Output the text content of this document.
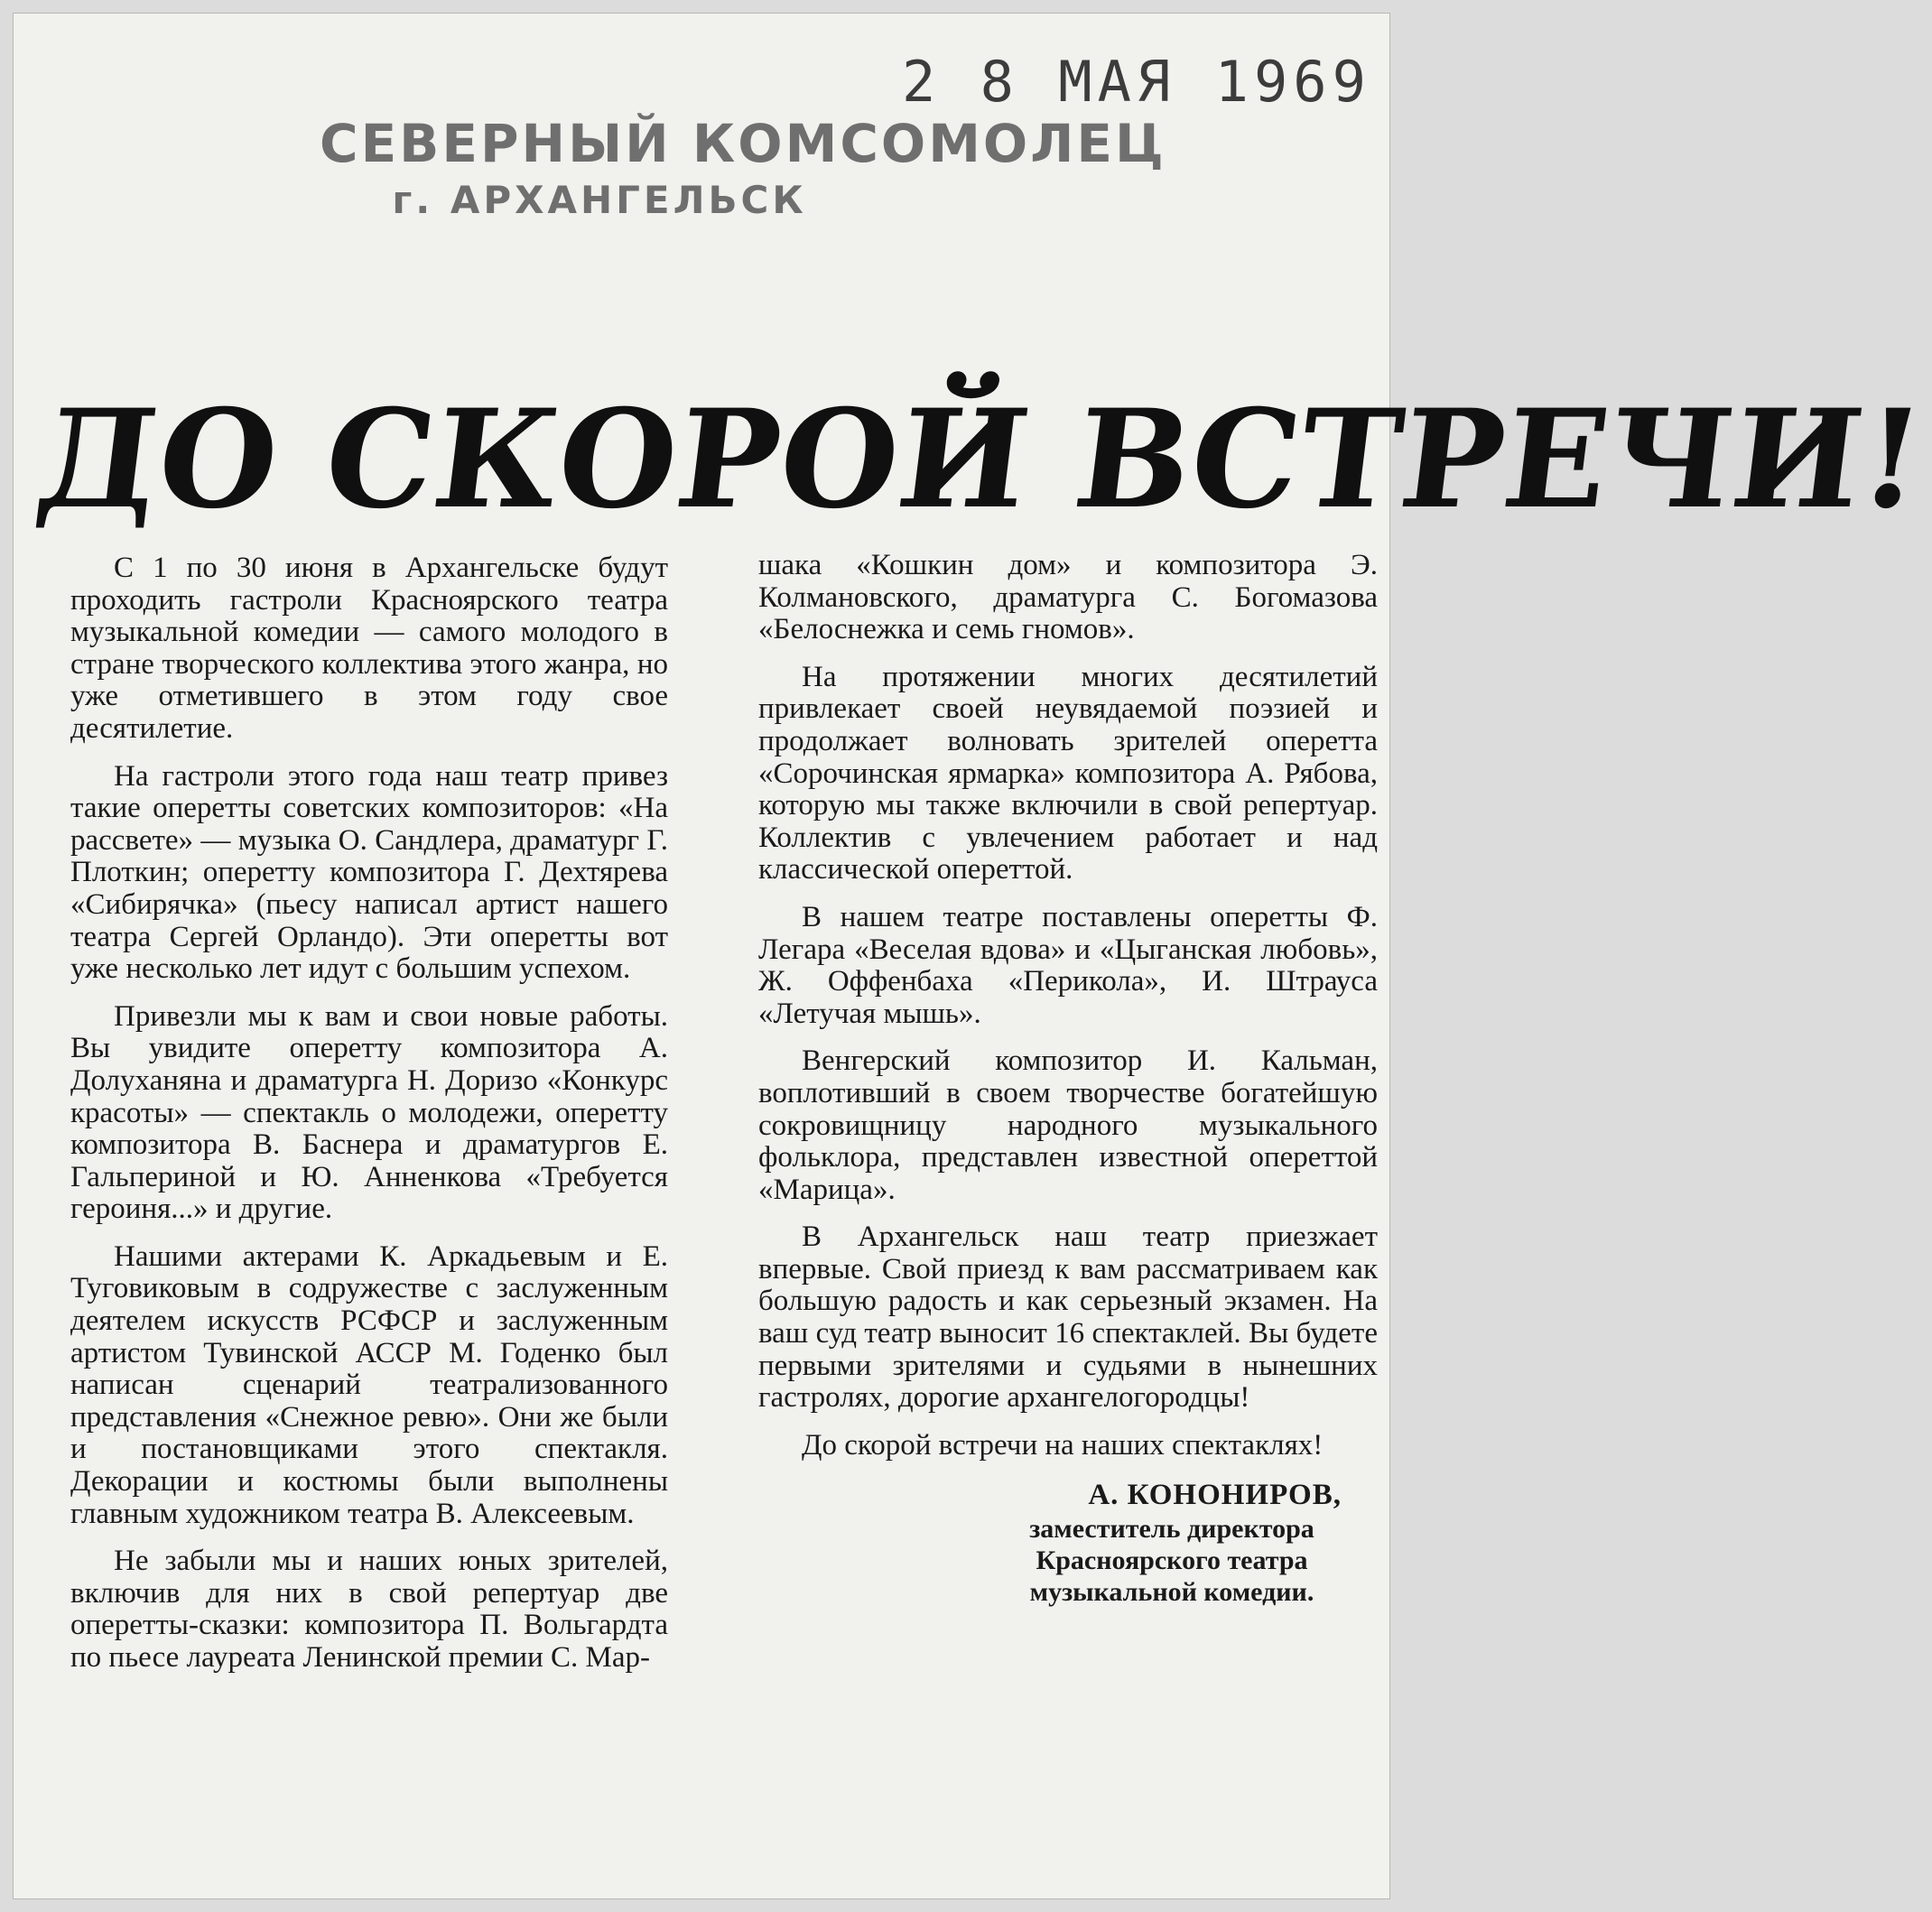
2 8 МАЯ 1969
СЕВЕРНЫЙ КОМСОМОЛЕЦ
г. АРХАНГЕЛЬСК
ДО СКОРОЙ ВСТРЕЧИ!

С 1 по 30 июня в Архангельске будут проходить гастроли Красноярского театра музыкальной комедии — самого молодого в стране творческого коллектива этого жанра, но уже отметившего в этом году свое десятилетие.

На гастроли этого года наш театр привез такие оперетты советских композиторов: «На рассвете» — музыка О. Сандлера, драматург Г. Плоткин; оперетту композитора Г. Дехтярева «Сибирячка» (пьесу написал артист нашего театра Сергей Орландо). Эти оперетты вот уже несколько лет идут с большим успехом.

Привезли мы к вам и свои новые работы. Вы увидите оперетту композитора А. Долуханяна и драматурга Н. Доризо «Конкурс красоты» — спектакль о молодежи, оперетту композитора В. Баснера и драматургов Е. Гальпериной и Ю. Анненкова «Требуется героиня...» и другие.

Нашими актерами К. Аркадьевым и Е. Туговиковым в содружестве с заслуженным деятелем искусств РСФСР и заслуженным артистом Тувинской АССР М. Годенко был написан сценарий театрализованного представления «Снежное ревю». Они же были и постановщиками этого спектакля. Декорации и костюмы были выполнены главным художником театра В. Алексеевым.

Не забыли мы и наших юных зрителей, включив для них в свой репертуар две оперетты-сказки: композитора П. Вольгардта по пьесе лауреата Ленинской премии С. Мар-

шака «Кошкин дом» и композитора Э. Колмановского, драматурга С. Богомазова «Белоснежка и семь гномов».

На протяжении многих десятилетий привлекает своей неувядаемой поэзией и продолжает волновать зрителей оперетта «Сорочинская ярмарка» композитора А. Рябова, которую мы также включили в свой репертуар. Коллектив с увлечением работает и над классической опереттой.

В нашем театре поставлены оперетты Ф. Легара «Веселая вдова» и «Цыганская любовь», Ж. Оффенбаха «Перикола», И. Штрауса «Летучая мышь».

Венгерский композитор И. Кальман, воплотивший в своем творчестве богатейшую сокровищницу народного музыкального фольклора, представлен известной опереттой «Марица».

В Архангельск наш театр приезжает впервые. Свой приезд к вам рассматриваем как большую радость и как серьезный экзамен. На ваш суд театр выносит 16 спектаклей. Вы будете первыми зрителями и судьями в нынешних гастролях, дорогие архангелогородцы!

До скорой встречи на наших спектаклях!

А. КОНОНИРОВ,
заместитель директора
Красноярского театра
музыкальной комедии.
